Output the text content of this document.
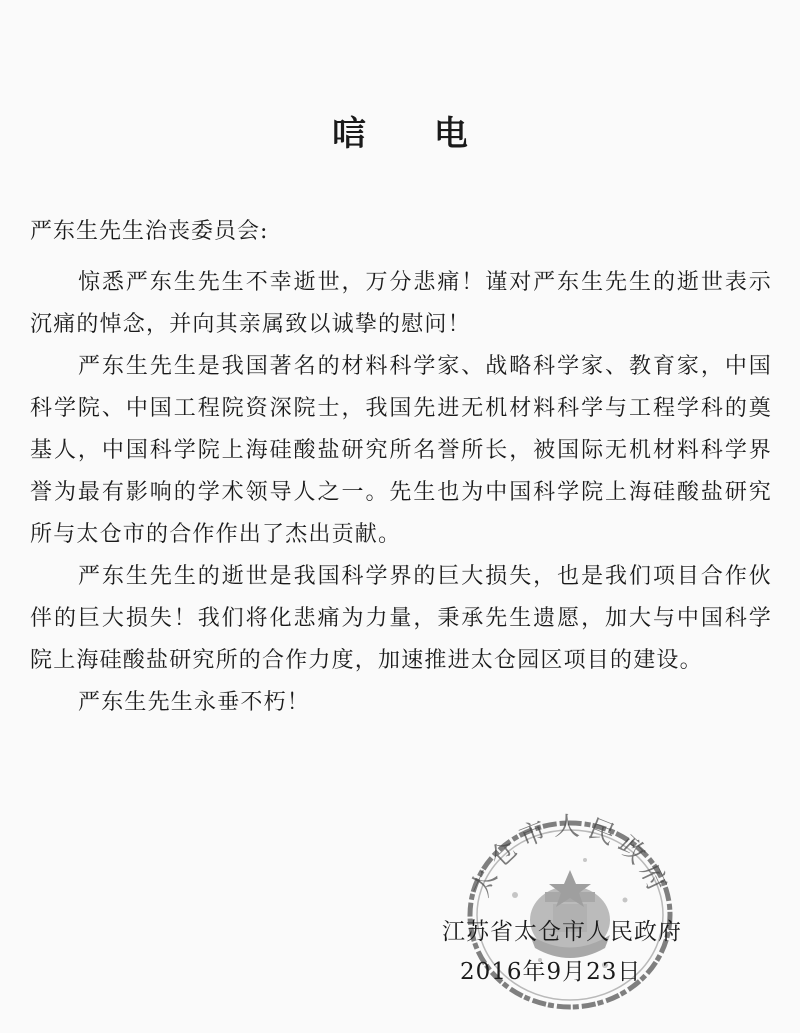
唁 电
严东生先生治丧委员会:

惊悉严东生先生不幸逝世，万分悲痛！谨对严东生先生的逝世表示沉痛的悼念，并向其亲属致以诚挚的慰问！

严东生先生是我国著名的材料科学家、战略科学家、教育家，中国科学院、中国工程院资深院士，我国先进无机材料科学与工程学科的奠基人，中国科学院上海硅酸盐研究所名誉所长，被国际无机材料科学界誉为最有影响的学术领导人之一。先生也为中国科学院上海硅酸盐研究所与太仓市的合作作出了杰出贡献。

严东生先生的逝世是我国科学界的巨大损失，也是我们项目合作伙伴的巨大损失！我们将化悲痛为力量，秉承先生遗愿，加大与中国科学院上海硅酸盐研究所的合作力度，加速推进太仓园区项目的建设。

严东生先生永垂不朽！

太仓市人民政府
江苏省太仓市人民政府
2016年9月23日
